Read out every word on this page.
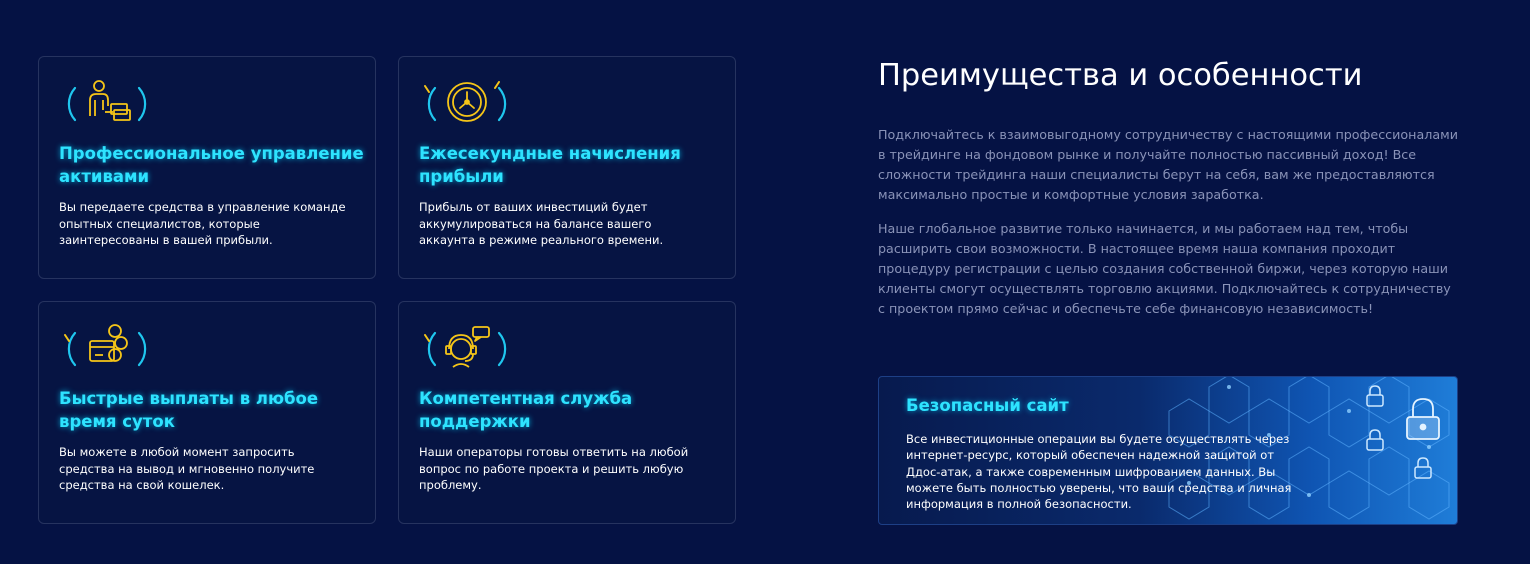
Профессиональное управление активами

Вы передаете средства в управление команде опытных специалистов, которые заинтересованы в вашей прибыли.

Ежесекундные начисления прибыли

Прибыль от ваших инвестиций будет аккумулироваться на балансе вашего аккаунта в режиме реального времени.

Быстрые выплаты в любое время суток

Вы можете в любой момент запросить средства на вывод и мгновенно получите средства на свой кошелек.

Компетентная служба поддержки

Наши операторы готовы ответить на любой вопрос по работе проекта и решить любую проблему.

Преимущества и особенности

Подключайтесь к взаимовыгодному сотрудничеству с настоящими профессионалами в трейдинге на фондовом рынке и получайте полностью пассивный доход! Все сложности трейдинга наши специалисты берут на себя, вам же предоставляются максимально простые и комфортные условия заработка.

Наше глобальное развитие только начинается, и мы работаем над тем, чтобы расширить свои возможности. В настоящее время наша компания проходит процедуру регистрации с целью создания собственной биржи, через которую наши клиенты смогут осуществлять торговлю акциями. Подключайтесь к сотрудничеству с проектом прямо сейчас и обеспечьте себе финансовую независимость!

Безопасный сайт

Все инвестиционные операции вы будете осуществлять через интернет-ресурс, который обеспечен надежной защитой от Ддос-атак, а также современным шифрованием данных. Вы можете быть полностью уверены, что ваши средства и личная информация в полной безопасности.
